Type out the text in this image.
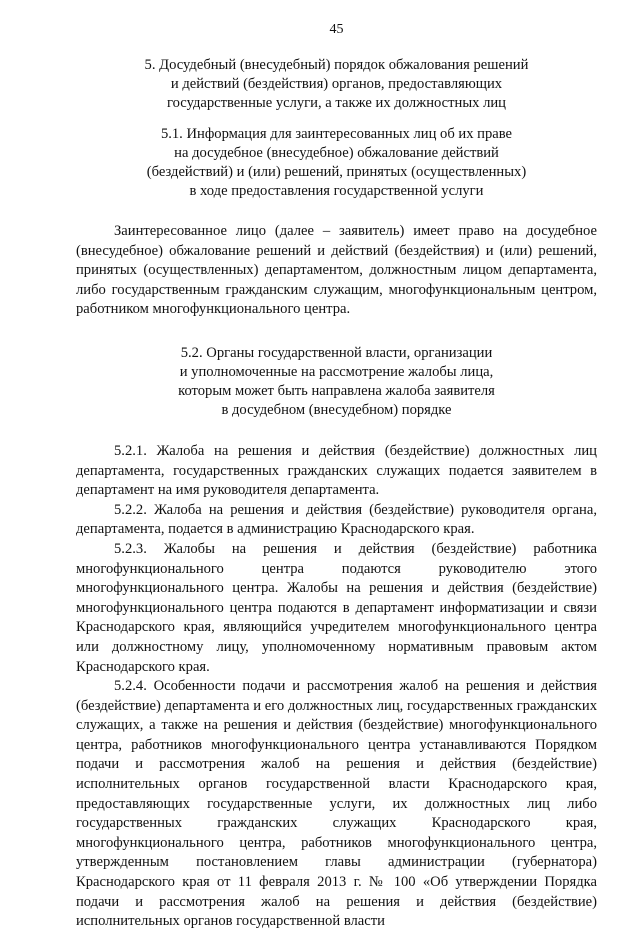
45
5. Досудебный (внесудебный) порядок обжалования решений
и действий (бездействия) органов, предоставляющих
государственные услуги, а также их должностных лиц
5.1. Информация для заинтересованных лиц об их праве
на досудебное (внесудебное) обжалование действий
(бездействий) и (или) решений, принятых (осуществленных)
в ходе предоставления государственной услуги

Заинтересованное лицо (далее – заявитель) имеет право на досудебное (внесудебное) обжалование решений и действий (бездействия) и (или) решений, принятых (осуществленных) департаментом, должностным лицом департамента, либо государственным гражданским служащим, многофункциональным центром, работником многофункционального центра.

5.2. Органы государственной власти, организации
и уполномоченные на рассмотрение жалобы лица,
которым может быть направлена жалоба заявителя
в досудебном (внесудебном) порядке

5.2.1. Жалоба на решения и действия (бездействие) должностных лиц департамента, государственных гражданских служащих подается заявителем в департамент на имя руководителя департамента.

5.2.2. Жалоба на решения и действия (бездействие) руководителя органа, департамента, подается в администрацию Краснодарского края.

5.2.3. Жалобы на решения и действия (бездействие) работника многофункционального центра подаются руководителю этого многофункционального центра. Жалобы на решения и действия (бездействие) многофункционального центра подаются в департамент информатизации и связи Краснодарского края, являющийся учредителем многофункционального центра или должностному лицу, уполномоченному нормативным правовым актом Краснодарского края.

5.2.4. Особенности подачи и рассмотрения жалоб на решения и действия (бездействие) департамента и его должностных лиц, государственных гражданских служащих, а также на решения и действия (бездействие) многофункционального центра, работников многофункционального центра устанавливаются Порядком подачи и рассмотрения жалоб на решения и действия (бездействие) исполнительных органов государственной власти Краснодарского края, предоставляющих государственные услуги, их должностных лиц либо государственных гражданских служащих Краснодарского края, многофункционального центра, работников многофункционального центра, утвержденным постановлением главы администрации (губернатора) Краснодарского края от 11 февраля 2013 г. № 100 «Об утверждении Порядка подачи и рассмотрения жалоб на решения и действия (бездействие) исполнительных органов государственной власти
